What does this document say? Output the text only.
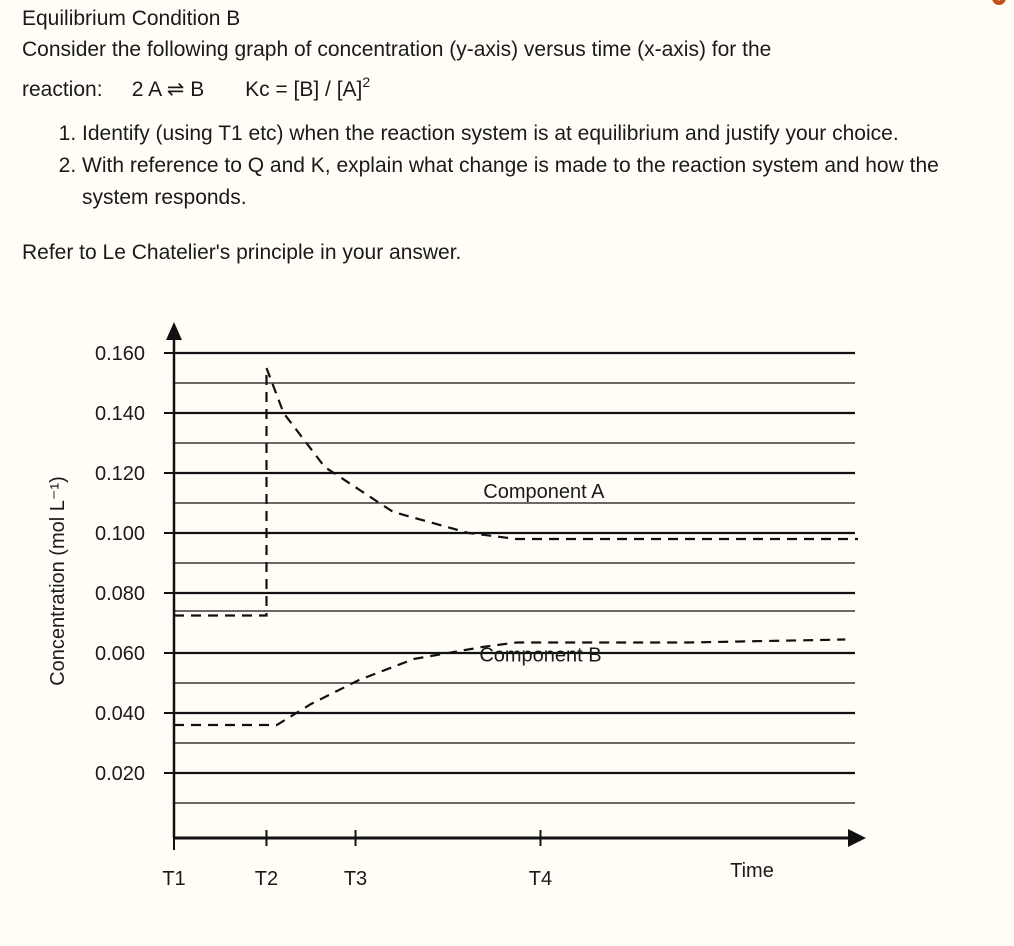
Equilibrium Condition B

Consider the following graph of concentration (y-axis) versus time (x-axis) for the
reaction: 2 A ⇌ B Kᴄ = $[B] / [A]^2$

1. Identify (using T1 etc) when the reaction system is at equilibrium and justify your choice.
2. With reference to Q and K, explain what change is made to the reaction system and how the system responds.

Refer to Le Chatelier's principle in your answer.

0.160
0.140
0.120
0.100
0.080
0.060
0.040
0.020
T1	T2	T3	T4	Time
Concentration (mol L⁻¹)	Component A
Component B
